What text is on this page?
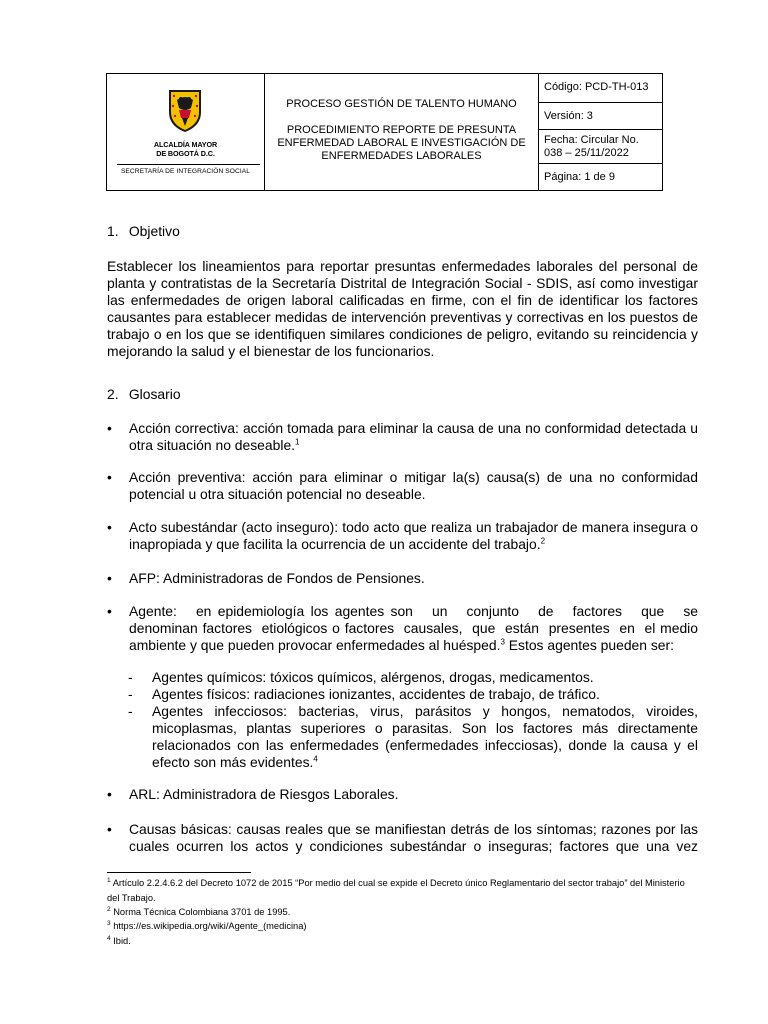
ALCALDÍA MAYOR
DE BOGOTÁ D.C.
SECRETARÍA DE INTEGRACIÓN SOCIAL
PROCESO GESTIÓN DE TALENTO HUMANO
PROCEDIMIENTO REPORTE DE PRESUNTA ENFERMEDAD LABORAL E INVESTIGACIÓN DE ENFERMEDADES LABORALES
Código: PCD-TH-013
Versión: 3
Fecha: Circular No. 038 – 25/11/2022
Página: 1 de 9
1. Objetivo
Establecer los lineamientos para reportar presuntas enfermedades laborales del personal de planta y contratistas de la Secretaría Distrital de Integración Social - SDIS, así como investigar las enfermedades de origen laboral calificadas en firme, con el fin de identificar los factores causantes para establecer medidas de intervención preventivas y correctivas en los puestos de trabajo o en los que se identifiquen similares condiciones de peligro, evitando su reincidencia y mejorando la salud y el bienestar de los funcionarios.
2. Glosario
•	Acción correctiva: acción tomada para eliminar la causa de una no conformidad detectada u otra situación no deseable.$^1$
•	Acción preventiva: acción para eliminar o mitigar la(s) causa(s) de una no conformidad potencial u otra situación potencial no deseable.
•	Acto subestándar (acto inseguro): todo acto que realiza un trabajador de manera insegura o inapropiada y que facilita la ocurrencia de un accidente del trabajo.$^2$
•	AFP: Administradoras de Fondos de Pensiones.
•	Agente:   en epidemiología los agentes son   un   conjunto   de   factores   que   se denominan factores  etiológicos o factores  causales,  que  están  presentes  en  el medio ambiente y que pueden provocar enfermedades al huésped.$^3$ Estos agentes pueden ser:
- Agentes químicos: tóxicos químicos, alérgenos, drogas, medicamentos.
- Agentes físicos: radiaciones ionizantes, accidentes de trabajo, de tráfico.
- Agentes infecciosos: bacterias, virus, parásitos y hongos, nematodos, viroides, micoplasmas, plantas superiores o parasitas. Son los factores más directamente relacionados con las enfermedades (enfermedades infecciosas), donde la causa y el efecto son más evidentes.$^4$
•	ARL: Administradora de Riesgos Laborales.
•	Causas básicas: causas reales que se manifiestan detrás de los síntomas; razones por las cuales ocurren los actos y condiciones subestándar o inseguras; factores que una vez
$^1$ Artículo 2.2.4.6.2 del Decreto 1072 de 2015 “Por medio del cual se expide el Decreto único Reglamentario del sector trabajo” del Ministerio del Trabajo.
$^2$ Norma Técnica Colombiana 3701 de 1995.
$^3$ https://es.wikipedia.org/wiki/Agente_(medicina)
$^4$ Ibid.
